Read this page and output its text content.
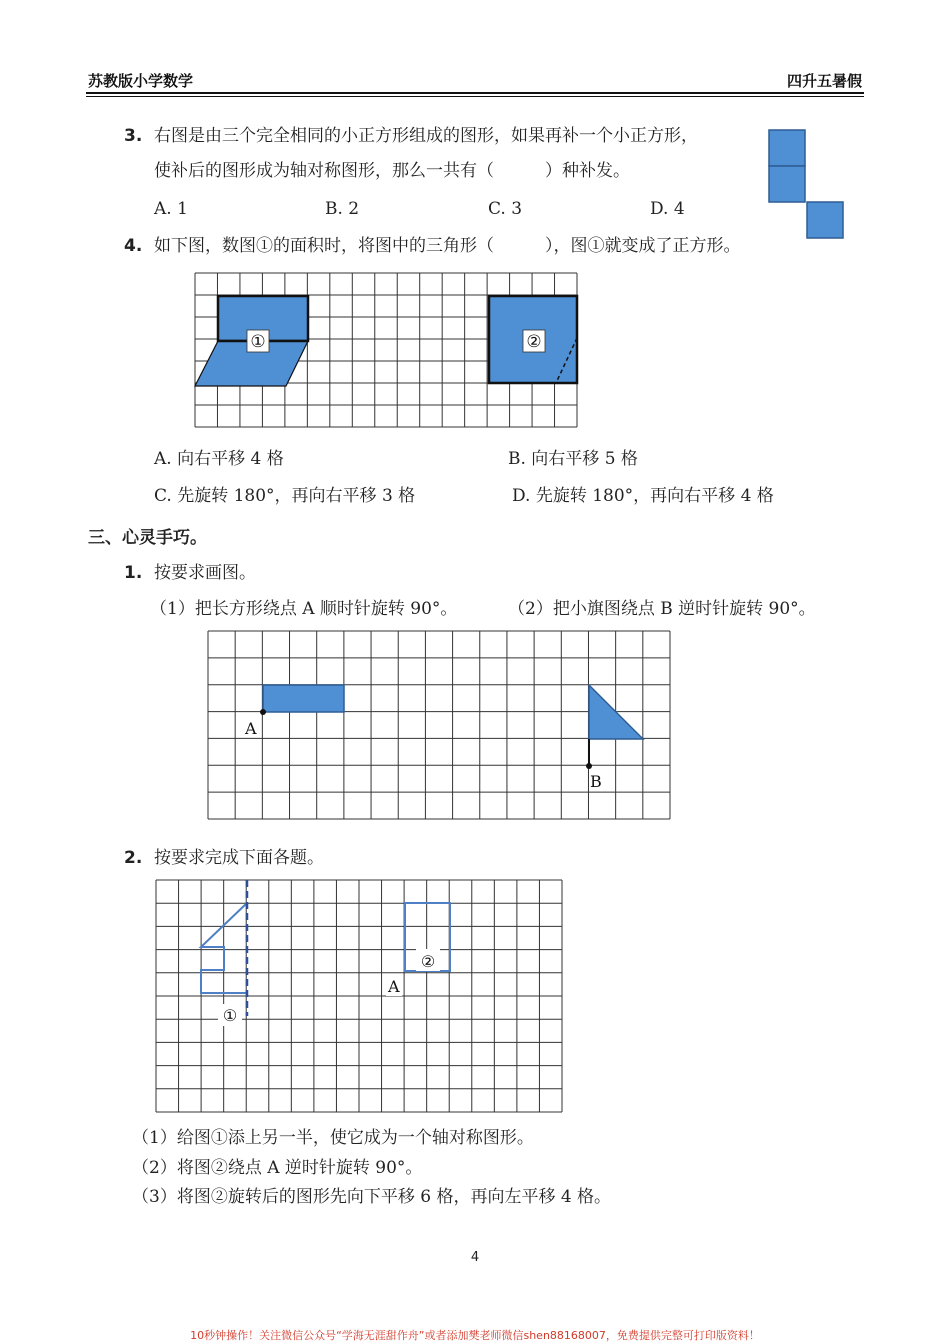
苏教版小学数学	四升五暑假
3. 右图是由三个完全相同的小正方形组成的图形，如果再补一个小正方形，
使补后的图形成为轴对称图形，那么一共有（　　　）种补发。
A. 1	B. 2	C. 3	D. 4
4. 如下图，数图①的面积时，将图中的三角形（　　　），图①就变成了正方形。
①	②
A. 向右平移 4 格	B. 向右平移 5 格
C. 先旋转 180°，再向右平移 3 格	D. 先旋转 180°，再向右平移 4 格
三、心灵手巧。
1. 按要求画图。
（1）把长方形绕点 A 顺时针旋转 90°。	（2）把小旗图绕点 B 逆时针旋转 90°。
A
B
2. 按要求完成下面各题。
①
②
A
（1）给图①添上另一半，使它成为一个轴对称图形。
（2）将图②绕点 A 逆时针旋转 90°。
（3）将图②旋转后的图形先向下平移 6 格，再向左平移 4 格。
4
10秒钟操作！关注微信公众号“学海无涯甜作舟”或者添加樊老师微信shen88168007，免费提供完整可打印版资料！
